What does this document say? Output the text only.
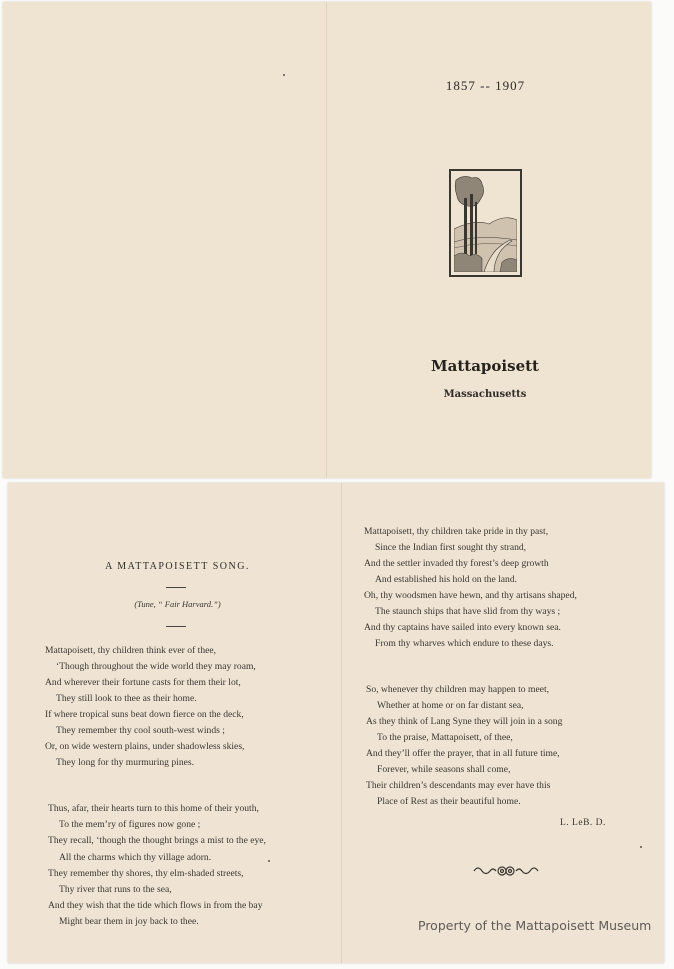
1857 -- 1907
Mattapoisett
Massachusetts
A MATTAPOISETT SONG.
(Tune, “ Fair Harvard.”)
Mattapoisett, thy children think ever of thee,
‘Though throughout the wide world they may roam,
And wherever their fortune casts for them their lot,
They still look to thee as their home.
If where tropical suns beat down fierce on the deck,
They remember thy cool south-west winds ;
Or, on wide western plains, under shadowless skies,
They long for thy murmuring pines.
Thus, afar, their hearts turn to this home of their youth,
To the mem’ry of figures now gone ;
They recall, ‘though the thought brings a mist to the eye,
All the charms which thy village adorn.
They remember thy shores, thy elm-shaded streets,
Thy river that runs to the sea,
And they wish that the tide which flows in from the bay
Might bear them in joy back to thee.
Mattapoisett, thy children take pride in thy past,
Since the Indian first sought thy strand,
And the settler invaded thy forest’s deep growth
And established his hold on the land.
Oh, thy woodsmen have hewn, and thy artisans shaped,
The staunch ships that have slid from thy ways ;
And thy captains have sailed into every known sea.
From thy wharves which endure to these days.
So, whenever thy children may happen to meet,
Whether at home or on far distant sea,
As they think of Lang Syne they will join in a song
To the praise, Mattapoisett, of thee,
And they’ll offer the prayer, that in all future time,
Forever, while seasons shall come,
Their children’s descendants may ever have this
Place of Rest as their beautiful home.
L. LeB. D.
Property of the Mattapoisett Museum
